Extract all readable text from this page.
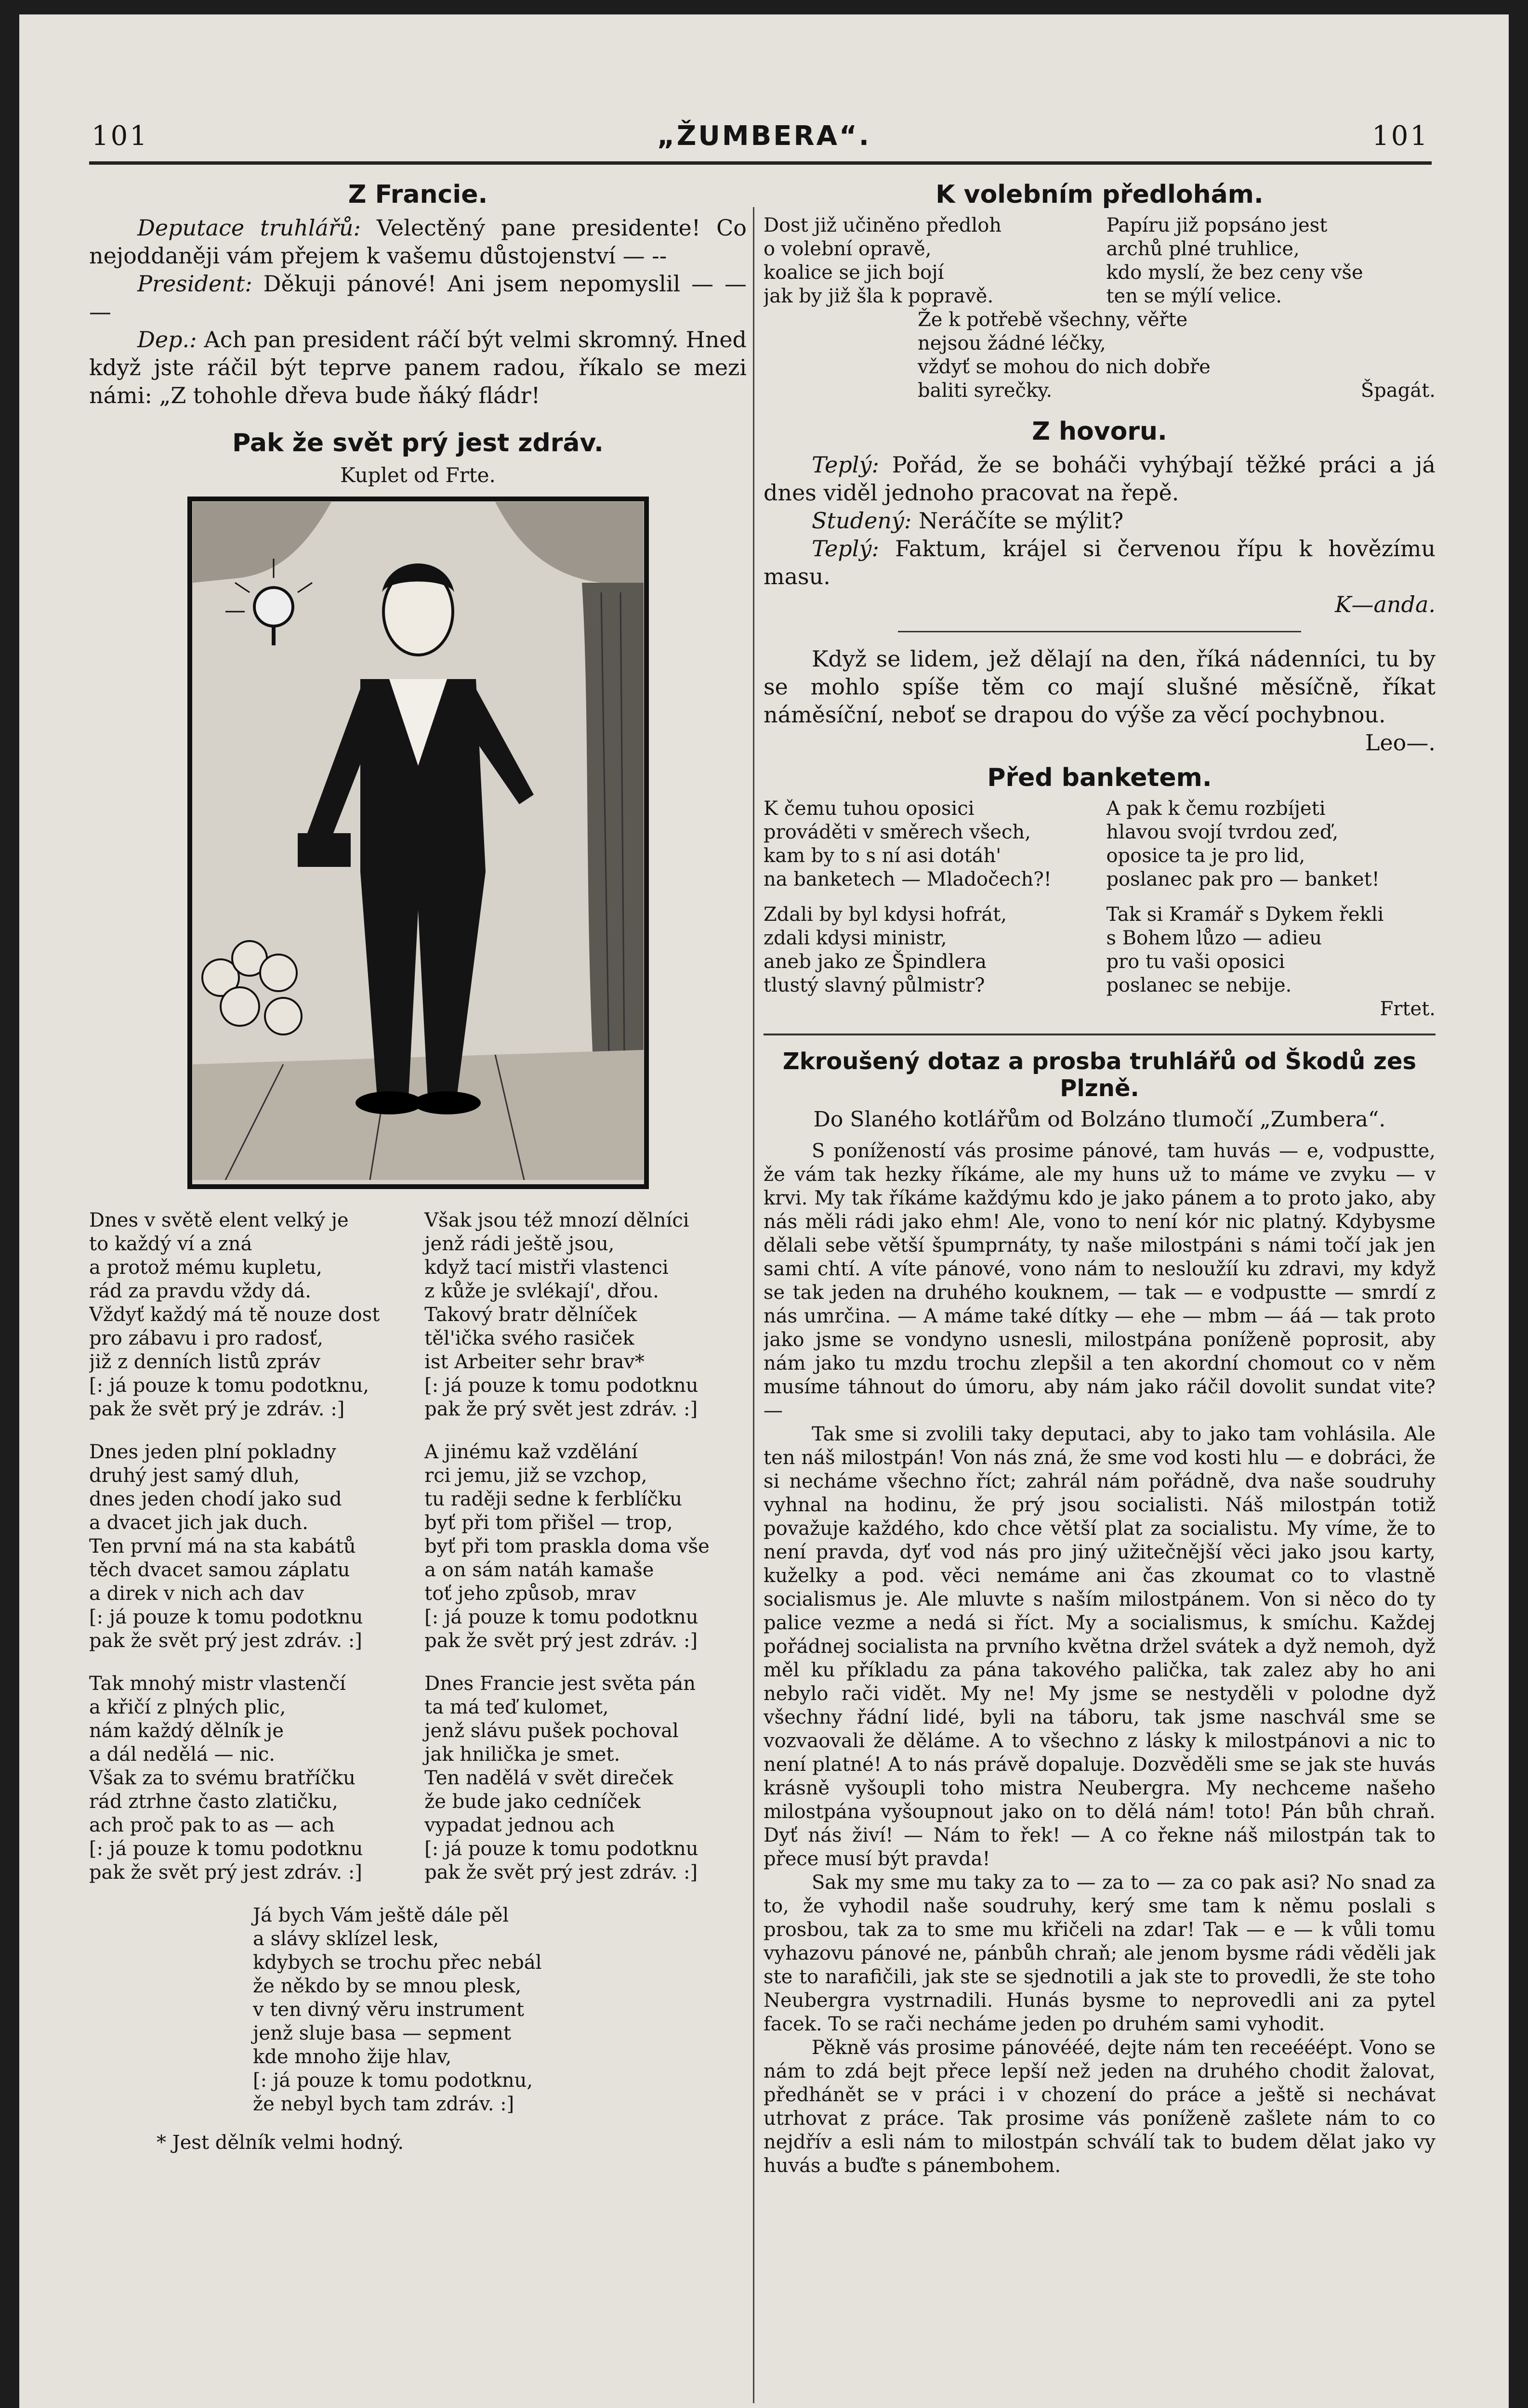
101	„ŽUMBERA“.	101
Z Francie.

Deputace truhlářů: Velectěný pane presidente! Co nejoddaněji vám přejem k vašemu důstojenství — --

President: Děkuji pánové! Ani jsem nepomyslil — — —

Dep.: Ach pan president ráčí být velmi skromný. Hned když jste ráčil být teprve panem radou, říkalo se mezi námi: „Z tohohle dřeva bude ňáký fládr!

Pak že svět prý jest zdráv.
Kuplet od Frte.
Dnes v světě elent velký je
to každý ví a zná
a protož mému kupletu,
rád za pravdu vždy dá.
Vždyť každý má tě nouze dost
pro zábavu i pro radosť,
již z denních listů zpráv
[: já pouze k tomu podotknu,
pak že svět prý je zdráv. :]
Však jsou též mnozí dělníci
jenž rádi ještě jsou,
když tací mistři vlastenci
z kůže je svlékají', dřou.
Takový bratr dělníček
těl'ička svého rasiček
ist Arbeiter sehr brav*
[: já pouze k tomu podotknu
pak že prý svět jest zdráv. :]
Dnes jeden plní pokladny
druhý jest samý dluh,
dnes jeden chodí jako sud
a dvacet jich jak duch.
Ten první má na sta kabátů
těch dvacet samou záplatu
a direk v nich ach dav
[: já pouze k tomu podotknu
pak že svět prý jest zdráv. :]
A jinému kaž vzdělání
rci jemu, již se vzchop,
tu raději sedne k ferblíčku
byť při tom přišel — trop,
byť při tom praskla doma vše
a on sám natáh kamaše
toť jeho způsob, mrav
[: já pouze k tomu podotknu
pak že svět prý jest zdráv. :]
Tak mnohý mistr vlastenčí
a křičí z plných plic,
nám každý dělník je
a dál nedělá — nic.
Však za to svému bratříčku
rád ztrhne často zlatičku,
ach proč pak to as — ach
[: já pouze k tomu podotknu
pak že svět prý jest zdráv. :]
Dnes Francie jest světa pán
ta má teď kulomet,
jenž slávu pušek pochoval
jak hnilička je smet.
Ten nadělá v svět direček
že bude jako cedníček
vypadat jednou ach
[: já pouze k tomu podotknu
pak že svět prý jest zdráv. :]
Já bych Vám ještě dále pěl
a slávy sklízel lesk,
kdybych se trochu přec nebál
že někdo by se mnou plesk,
v ten divný věru instrument
jenž sluje basa — sepment
kde mnoho žije hlav,
[: já pouze k tomu podotknu,
že nebyl bych tam zdráv. :]
* Jest dělník velmi hodný.
K volebním předlohám.
Dost již učiněno předloh
o volební opravě,
koalice se jich bojí
jak by již šla k popravě.
Papíru již popsáno jest
archů plné truhlice,
kdo myslí, že bez ceny vše
ten se mýlí velice.
Že k potřebě všechny, věřte
nejsou žádné léčky,
vždyť se mohou do nich dobře
baliti syrečky.	Špagát.
Z hovoru.

Teplý: Pořád, že se boháči vyhýbají těžké práci a já dnes viděl jednoho pracovat na řepě.

Studený: Neráčíte se mýlit?

Teplý: Faktum, krájel si červenou řípu k hovězímu masu.

K—anda.

Když se lidem, jež dělají na den, říká nádenníci, tu by se mohlo spíše těm co mají slušné měsíčně, říkat náměsíční, neboť se drapou do výše za věcí pochybnou.

Leo—.

Před banketem.
K čemu tuhou oposici
prováděti v směrech všech,
kam by to s ní asi dotáh'
na banketech — Mladočech?!
A pak k čemu rozbíjeti
hlavou svojí tvrdou zeď,
oposice ta je pro lid,
poslanec pak pro — banket!
Zdali by byl kdysi hofrát,
zdali kdysi ministr,
aneb jako ze Špindlera
tlustý slavný půlmistr?
Tak si Kramář s Dykem řekli
s Bohem lůzo — adieu
pro tu vaši oposici
poslanec se nebije.
Frtet.
Zkroušený dotaz a prosba truhlářů od Škodů zes Plzně.
Do Slaného kotlářům od Bolzáno tlumočí „Zumbera“.

S ponížeností vás prosime pánové, tam huvás — e, vodpustte, že vám tak hezky říkáme, ale my huns už to máme ve zvyku — v krvi. My tak říkáme každýmu kdo je jako pánem a to proto jako, aby nás měli rádi jako ehm! Ale, vono to není kór nic platný. Kdybysme dělali sebe větší špumprnáty, ty naše milostpáni s námi točí jak jen sami chtí. A víte pánové, vono nám to nesloužíí ku zdravi, my když se tak jeden na druhého kouknem, — tak — e vodpustte — smrdí z nás umrčina. — A máme také dítky — ehe — mbm — áá — tak proto jako jsme se vondyno usnesli, milostpána poníženě poprosit, aby nám jako tu mzdu trochu zlepšil a ten akordní chomout co v něm musíme táhnout do úmoru, aby nám jako ráčil dovolit sundat vite? —

Tak sme si zvolili taky deputaci, aby to jako tam vohlásila. Ale ten náš milostpán! Von nás zná, že sme vod kosti hlu — e dobráci, že si necháme všechno říct; zahrál nám pořádně, dva naše soudruhy vyhnal na hodinu, že prý jsou socialisti. Náš milostpán totiž považuje každého, kdo chce větší plat za socialistu. My víme, že to není pravda, dyť vod nás pro jiný užitečnější věci jako jsou karty, kuželky a pod. věci nemáme ani čas zkoumat co to vlastně socialismus je. Ale mluvte s naším milostpánem. Von si něco do ty palice vezme a nedá si říct. My a socialismus, k smíchu. Každej pořádnej socialista na prvního května držel svátek a dyž nemoh, dyž měl ku příkladu za pána takového palička, tak zalez aby ho ani nebylo rači vidět. My ne! My jsme se nestyděli v polodne dyž všechny řádní lidé, byli na táboru, tak jsme naschvál sme se vozvaovali že děláme. A to všechno z lásky k milostpánovi a nic to není platné! A to nás právě dopaluje. Dozvěděli sme se jak ste huvás krásně vyšoupli toho mistra Neubergra. My nechceme našeho milostpána vyšoupnout jako on to dělá nám! toto! Pán bůh chraň. Dyť nás živí! — Nám to řek! — A co řekne náš milostpán tak to přece musí být pravda!

Sak my sme mu taky za to — za to — za co pak asi? No snad za to, že vyhodil naše soudruhy, kerý sme tam k němu poslali s prosbou, tak za to sme mu křičeli na zdar! Tak — e — k vůli tomu vyhazovu pánové ne, pánbůh chraň; ale jenom bysme rádi věděli jak ste to narafičili, jak ste se sjednotili a jak ste to provedli, že ste toho Neubergra vystrnadili. Hunás bysme to neprovedli ani za pytel facek. To se rači necháme jeden po druhém sami vyhodit.

Pěkně vás prosime pánovééé, dejte nám ten receééépt. Vono se nám to zdá bejt přece lepší než jeden na druhého chodit žalovat, předhánět se v práci i v chození do práce a ještě si nechávat utrhovat z práce. Tak prosime vás poníženě zašlete nám to co nejdřív a esli nám to milostpán schválí tak to budem dělat jako vy huvás a buďte s pánembohem.
